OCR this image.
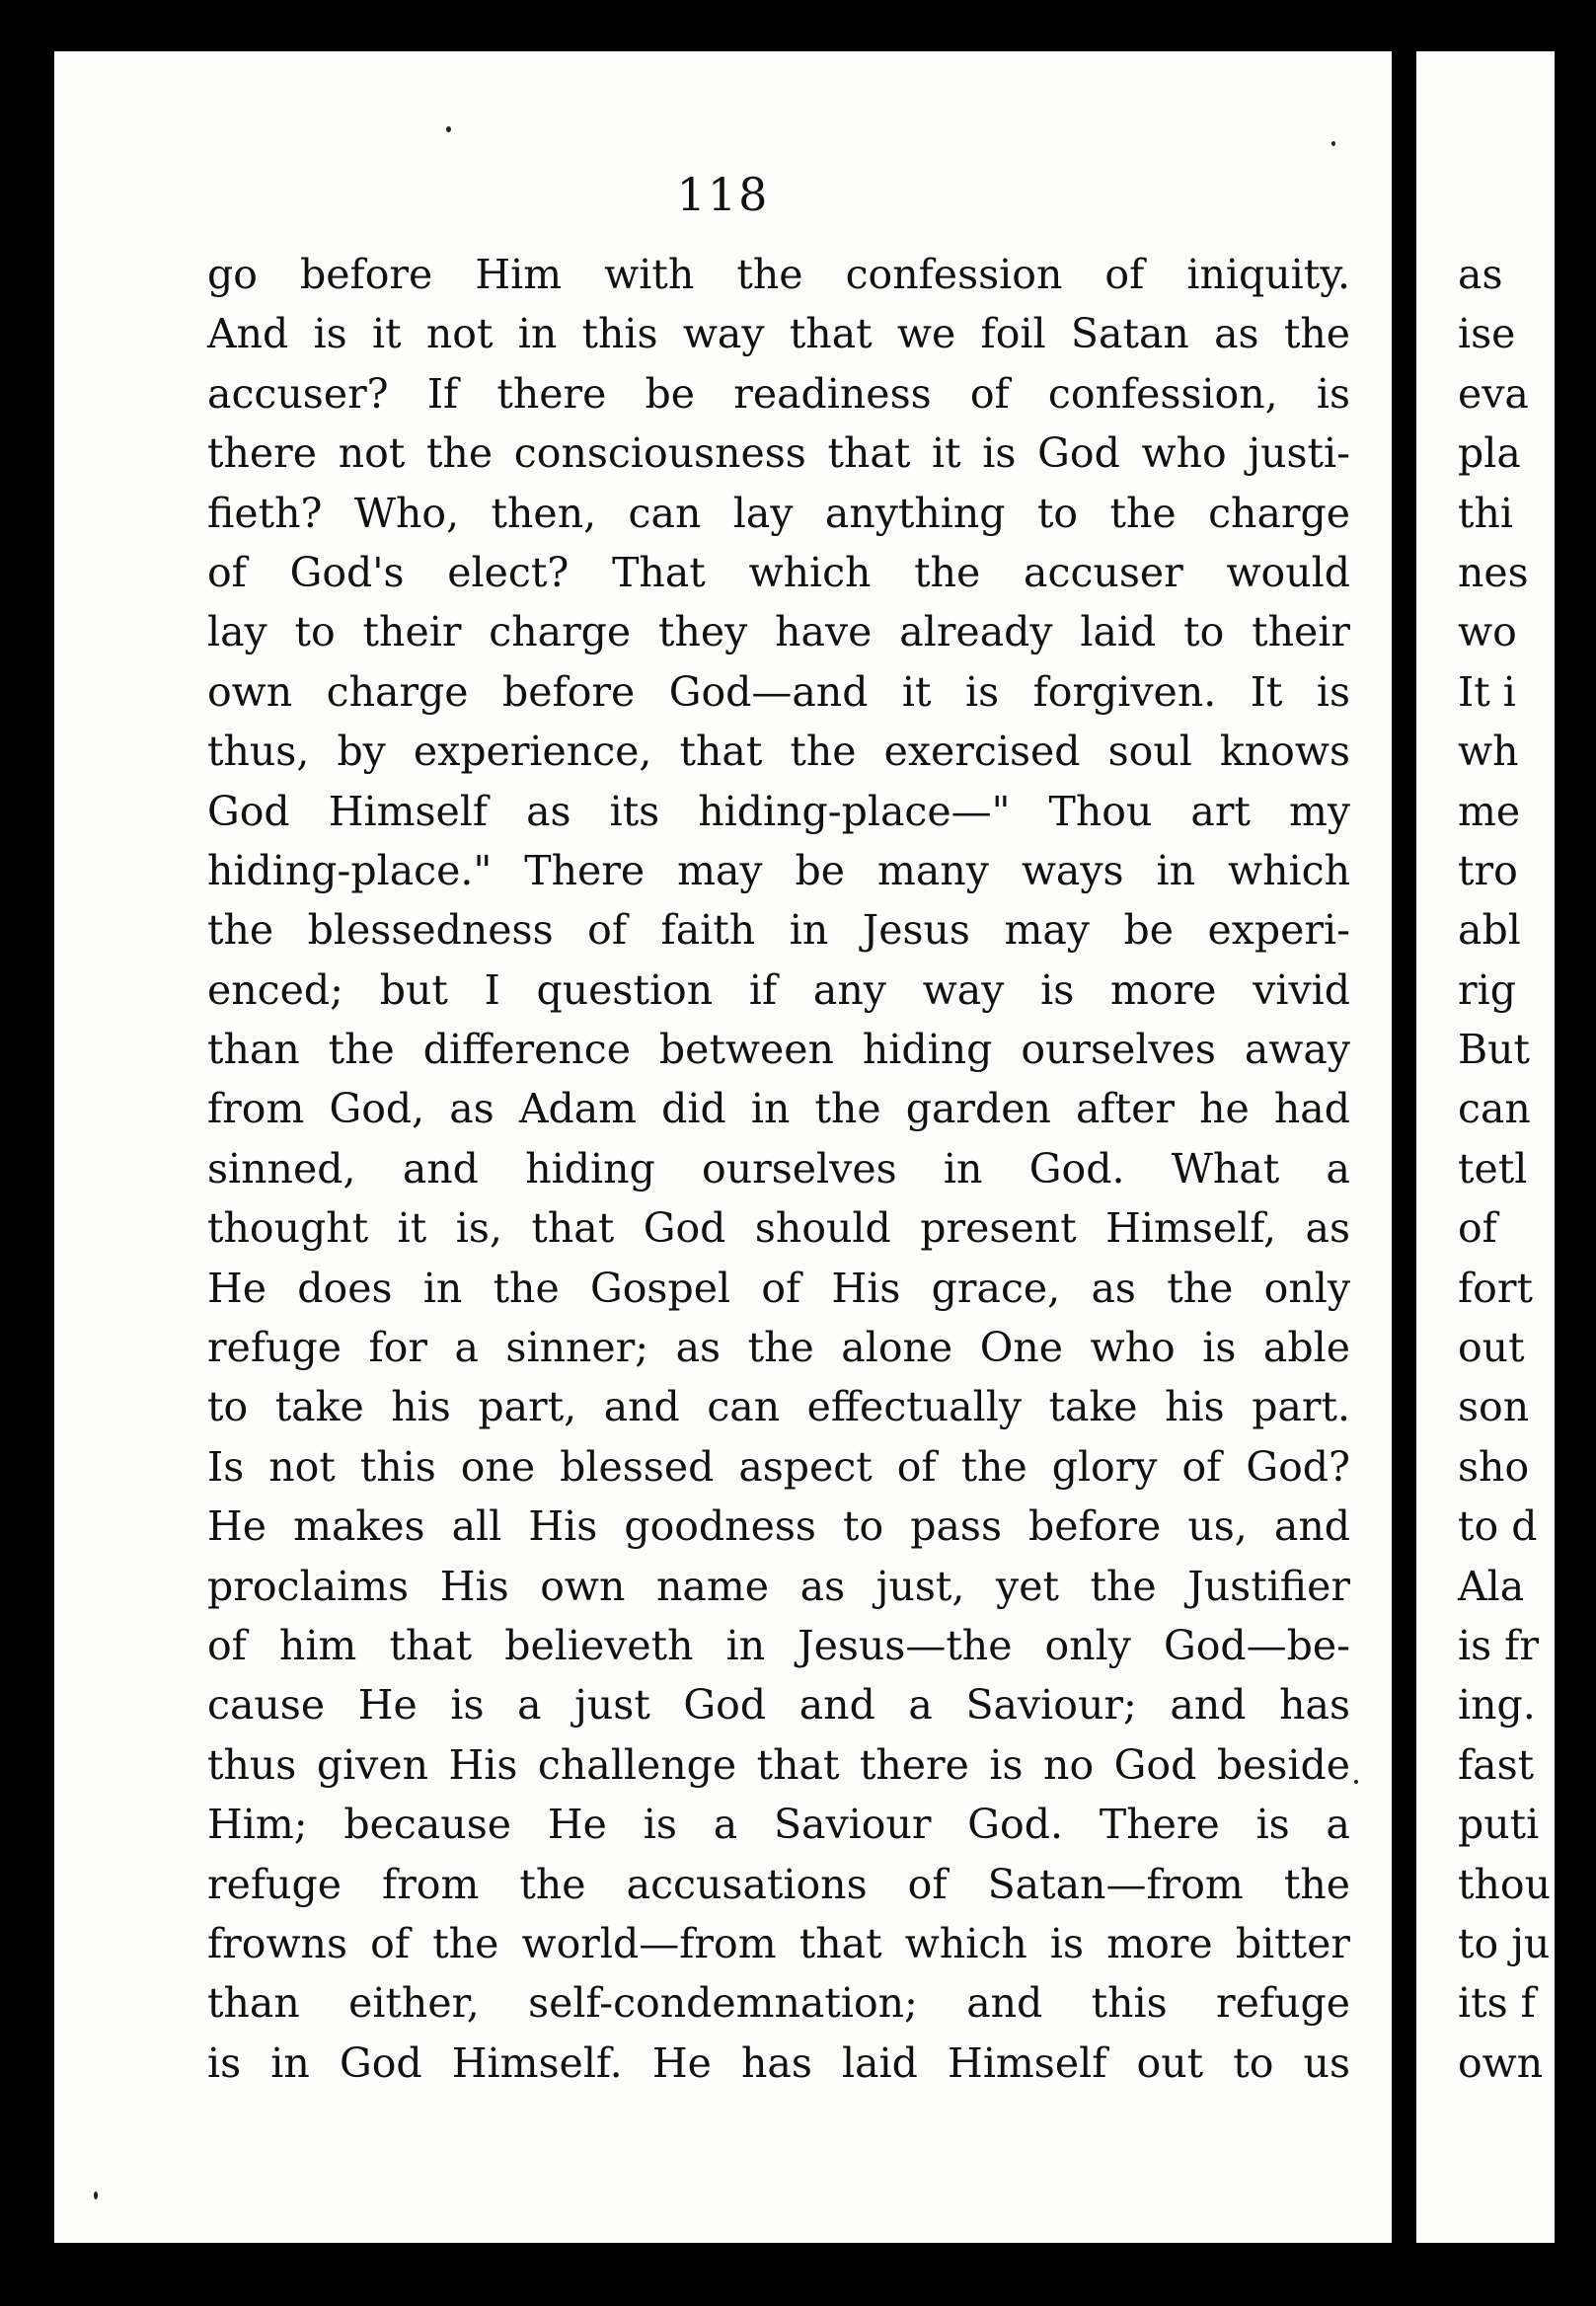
118
go before Him with the confession of iniquity.
And is it not in this way that we foil Satan as the
accuser? If there be readiness of confession, is
there not the consciousness that it is God who justi-
fieth? Who, then, can lay anything to the charge
of God's elect? That which the accuser would
lay to their charge they have already laid to their
own charge before God—and it is forgiven. It is
thus, by experience, that the exercised soul knows
God Himself as its hiding-place—" Thou art my
hiding-place." There may be many ways in which
the blessedness of faith in Jesus may be experi-
enced; but I question if any way is more vivid
than the difference between hiding ourselves away
from God, as Adam did in the garden after he had
sinned, and hiding ourselves in God. What a
thought it is, that God should present Himself, as
He does in the Gospel of His grace, as the only
refuge for a sinner; as the alone One who is able
to take his part, and can effectually take his part.
Is not this one blessed aspect of the glory of God?
He makes all His goodness to pass before us, and
proclaims His own name as just, yet the Justifier
of him that believeth in Jesus—the only God—be-
cause He is a just God and a Saviour; and has
thus given His challenge that there is no God beside
Him; because He is a Saviour God. There is a
refuge from the accusations of Satan—from the
frowns of the world—from that which is more bitter
than either, self-condemnation; and this refuge
is in God Himself. He has laid Himself out to us
as
ise
eva
pla
thi
nes
wo
It i
wh
me
tro
abl
rig
But
can
tetl
of
fort
out
son
sho
to d
Ala
is fr
ing.
fast
puti
thou
to ju
its f
own
